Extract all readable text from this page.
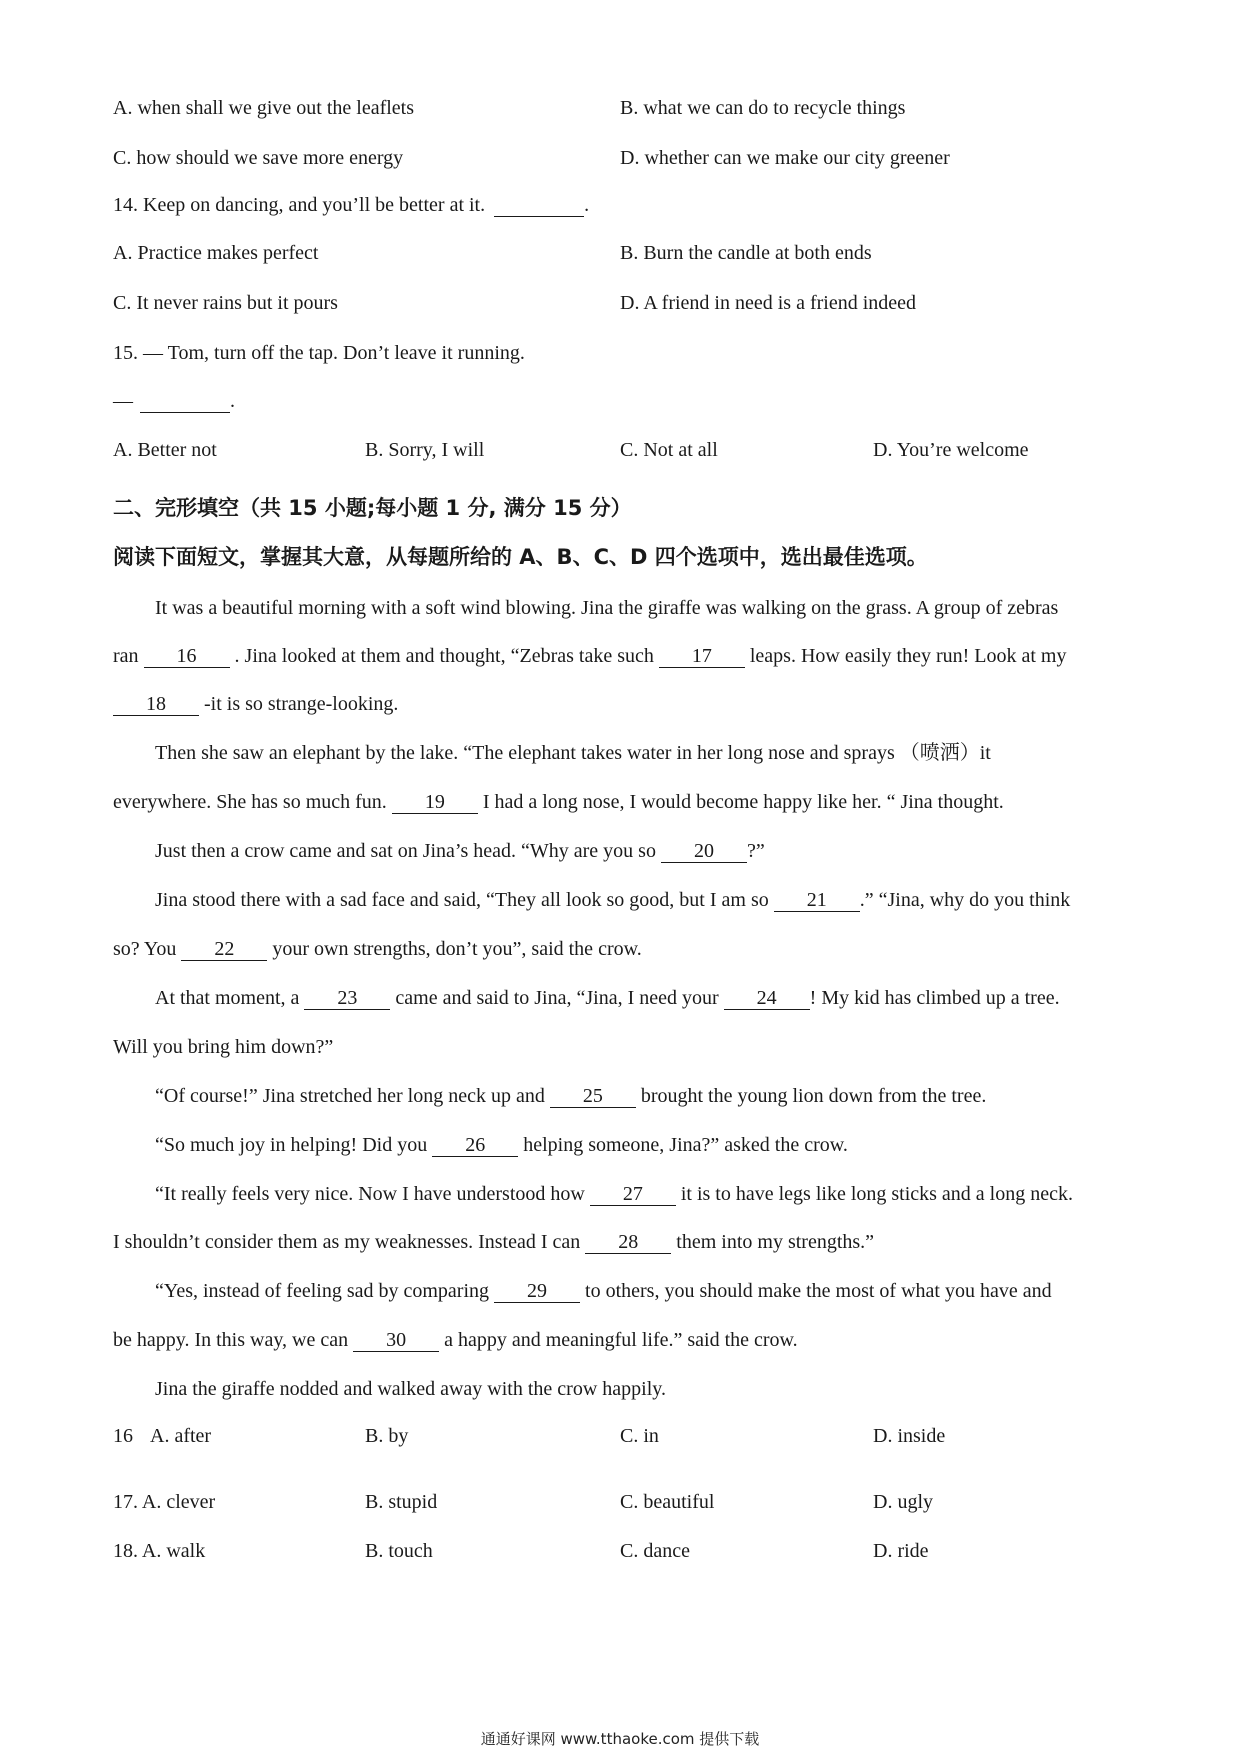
A. when shall we give out the leaflets	B. what we can do to recycle things
C. how should we save more energy	D. whether can we make our city greener
14. Keep on dancing, and you’ll be better at it.	.
A. Practice makes perfect	B. Burn the candle at both ends
C. It never rains but it pours	D. A friend in need is a friend indeed
15. — Tom, turn off the tap. Don’t leave it running.
—	.
A. Better not	B. Sorry, I will	C. Not at all	D. You’re welcome
二、完形填空（共 15 小题;每小题 1 分, 满分 15 分）
阅读下面短文，掌握其大意，从每题所给的 A、B、C、D 四个选项中，选出最佳选项。
It was a beautiful morning with a soft wind blowing. Jina the giraffe was walking on the grass. A group of zebras
ran 16 . Jina looked at them and thought, “Zebras take such 17 leaps. How easily they run! Look at my
18 -it is so strange-looking.
Then she saw an elephant by the lake. “The elephant takes water in her long nose and sprays （喷洒）it
everywhere. She has so much fun. 19 I had a long nose, I would become happy like her. “ Jina thought.
Just then a crow came and sat on Jina’s head. “Why are you so 20 ?”
Jina stood there with a sad face and said, “They all look so good, but I am so 21 .” “Jina, why do you think
so? You 22 your own strengths, don’t you”, said the crow.
At that moment, a 23 came and said to Jina, “Jina, I need your 24 ! My kid has climbed up a tree.
Will you bring him down?”
“Of course!” Jina stretched her long neck up and 25 brought the young lion down from the tree.
“So much joy in helping! Did you 26 helping someone, Jina?” asked the crow.
“It really feels very nice. Now I have understood how 27 it is to have legs like long sticks and a long neck.
I shouldn’t consider them as my weaknesses. Instead I can 28 them into my strengths.”
“Yes, instead of feeling sad by comparing 29 to others, you should make the most of what you have and
be happy. In this way, we can 30 a happy and meaningful life.” said the crow.
Jina the giraffe nodded and walked away with the crow happily.
16 A. after	B. by	C. in	D. inside
17. A. clever	B. stupid	C. beautiful	D. ugly
18. A. walk	B. touch	C. dance	D. ride
通通好课网 www.tthaoke.com 提供下载
